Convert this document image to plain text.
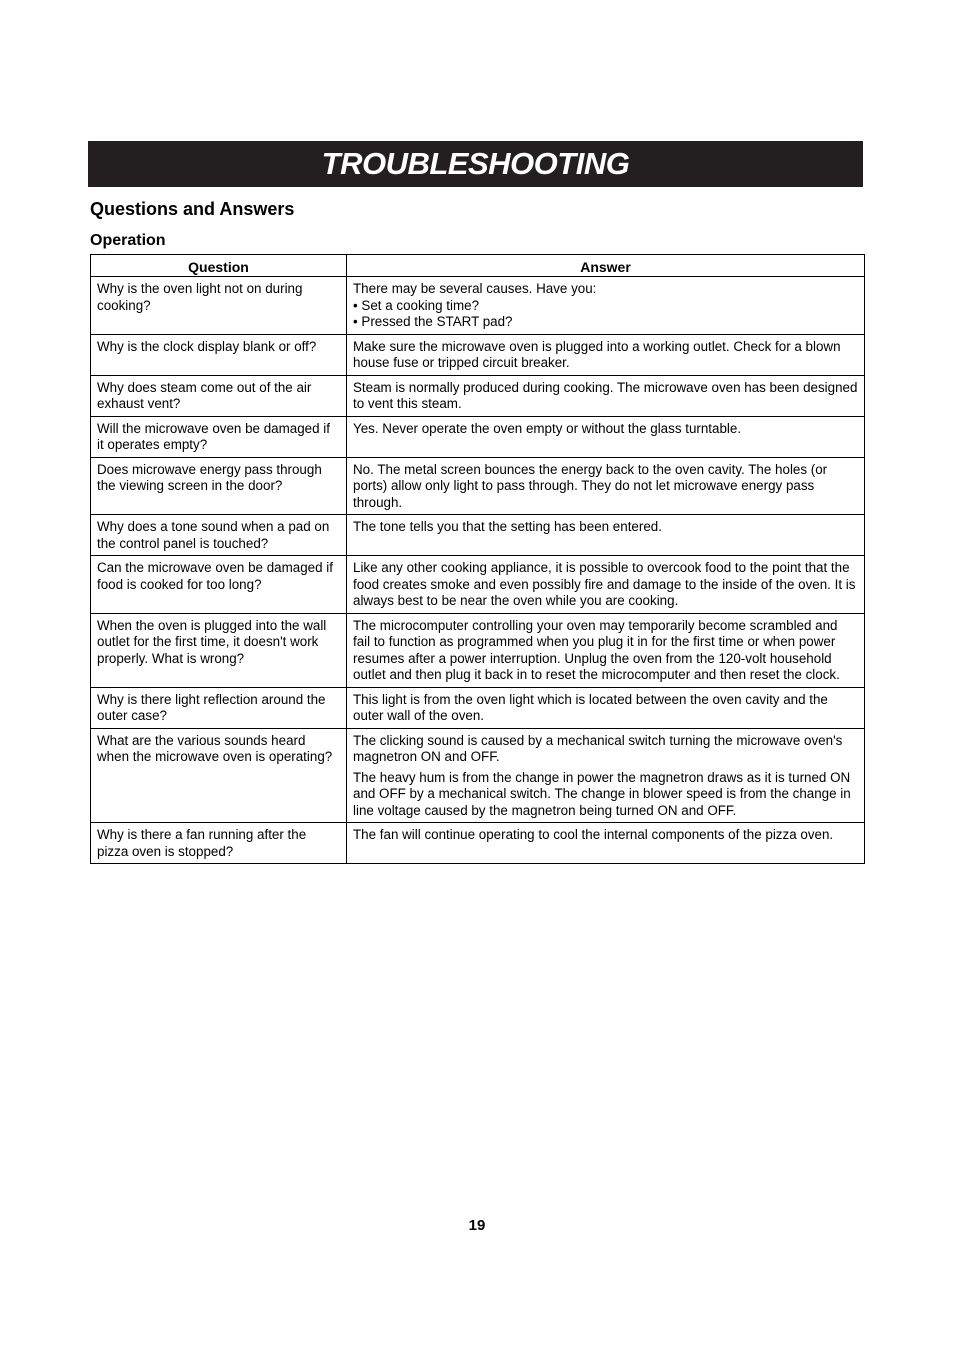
TROUBLESHOOTING
Questions and Answers
Operation
Question	Answer
Why is the oven light not on during cooking?	There may be several causes. Have you:
• Set a cooking time?
• Pressed the START pad?

Why is the clock display blank or off?	Make sure the microwave oven is plugged into a working outlet. Check for a blown house fuse or tripped circuit breaker.

Why does steam come out of the air exhaust vent?	Steam is normally produced during cooking. The microwave oven has been designed to vent this steam.

Will the microwave oven be damaged if it operates empty?	Yes. Never operate the oven empty or without the glass turntable.

Does microwave energy pass through the viewing screen in the door?	No. The metal screen bounces the energy back to the oven cavity. The holes (or ports) allow only light to pass through. They do not let microwave energy pass through.

Why does a tone sound when a pad on the control panel is touched?	The tone tells you that the setting has been entered.

Can the microwave oven be damaged if food is cooked for too long?	Like any other cooking appliance, it is possible to overcook food to the point that the food creates smoke and even possibly fire and damage to the inside of the oven. It is always best to be near the oven while you are cooking.

When the oven is plugged into the wall outlet for the first time, it doesn't work properly. What is wrong?	The microcomputer controlling your oven may temporarily become scrambled and fail to function as programmed when you plug it in for the first time or when power resumes after a power interruption. Unplug the oven from the 120-volt household outlet and then plug it back in to reset the microcomputer and then reset the clock.

Why is there light reflection around the outer case?	This light is from the oven light which is located between the oven cavity and the outer wall of the oven.

What are the various sounds heard when the microwave oven is operating?	The clicking sound is caused by a mechanical switch turning the microwave oven's magnetron ON and OFF.

The heavy hum is from the change in power the magnetron draws as it is turned ON and OFF by a mechanical switch. The change in blower speed is from the change in line voltage caused by the magnetron being turned ON and OFF.

Why is there a fan running after the pizza oven is stopped?	The fan will continue operating to cool the internal components of the pizza oven.

19
